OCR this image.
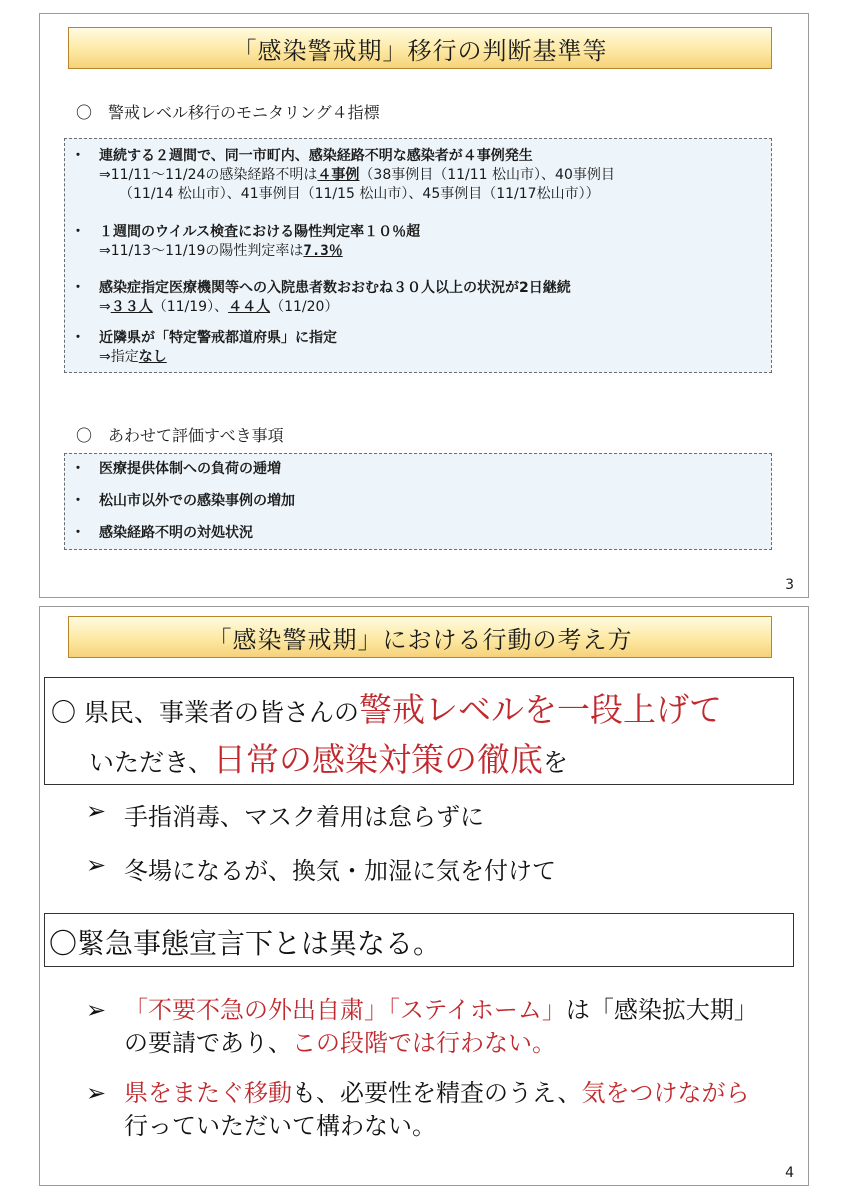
「感染警戒期」移行の判断基準等
〇　警戒レベル移行のモニタリング４指標
・ 連続する２週間で、同一市町内、感染経路不明な感染者が４事例発生
⇒11/11～11/24の感染経路不明は４事例（38事例目（11/11 松山市）、40事例目
（11/14 松山市）、41事例目（11/15 松山市）、45事例目（11/17松山市））
・ １週間のウイルス検査における陽性判定率１０％超
⇒11/13～11/19の陽性判定率は7.3％
・ 感染症指定医療機関等への入院患者数おおむね３０人以上の状況が2日継続
⇒３３人（11/19）、４４人（11/20）
・ 近隣県が「特定警戒都道府県」に指定
⇒指定なし
〇　あわせて評価すべき事項
・ 医療提供体制への負荷の逓増
・ 松山市以外での感染事例の増加
・ 感染経路不明の対処状況
3
「感染警戒期」における行動の考え方
〇 県民、事業者の皆さんの警戒レベルを一段上げて
いただき、日常の感染対策の徹底を
➢ 手指消毒、マスク着用は怠らずに
➢ 冬場になるが、換気・加湿に気を付けて
〇緊急事態宣言下とは異なる。
➢ 「不要不急の外出自粛」「ステイホーム」は「感染拡大期」
の要請であり、この段階では行わない。
➢ 県をまたぐ移動も、必要性を精査のうえ、気をつけながら
行っていただいて構わない。
4
